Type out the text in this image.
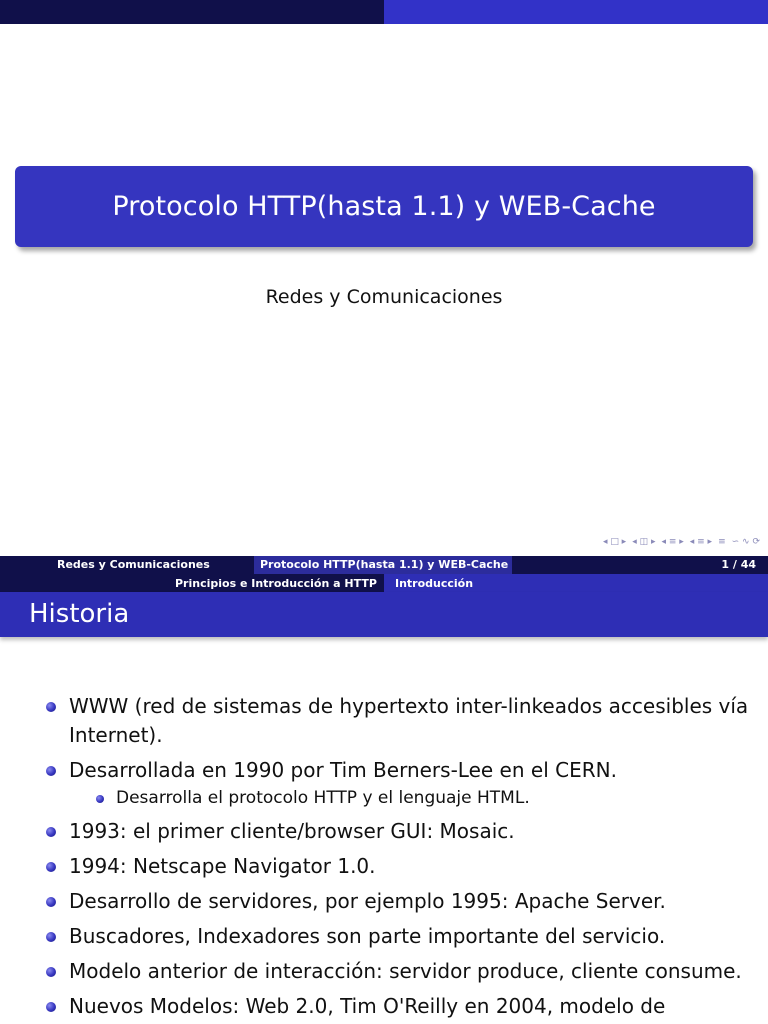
Protocolo HTTP(hasta 1.1) y WEB-Cache
Redes y Comunicaciones
◂ □ ▸ ◂ ◫ ▸ ◂ ≡ ▸ ◂ ≡ ▸ ≡ ∽ ∿ ⟳
Redes y Comunicaciones	Protocolo HTTP(hasta 1.1) y WEB-Cache	1 / 44
Principios e Introducción a HTTP	Introducción
Historia
WWW (red de sistemas de hypertexto inter-linkeados accesibles vía Internet).
Desarrollada en 1990 por Tim Berners-Lee en el CERN.
Desarrolla el protocolo HTTP y el lenguaje HTML.
1993: el primer cliente/browser GUI: Mosaic.
1994: Netscape Navigator 1.0.
Desarrollo de servidores, por ejemplo 1995: Apache Server.
Buscadores, Indexadores son parte importante del servicio.
Modelo anterior de interacción: servidor produce, cliente consume.
Nuevos Modelos: Web 2.0, Tim O'Reilly en 2004, modelo de
